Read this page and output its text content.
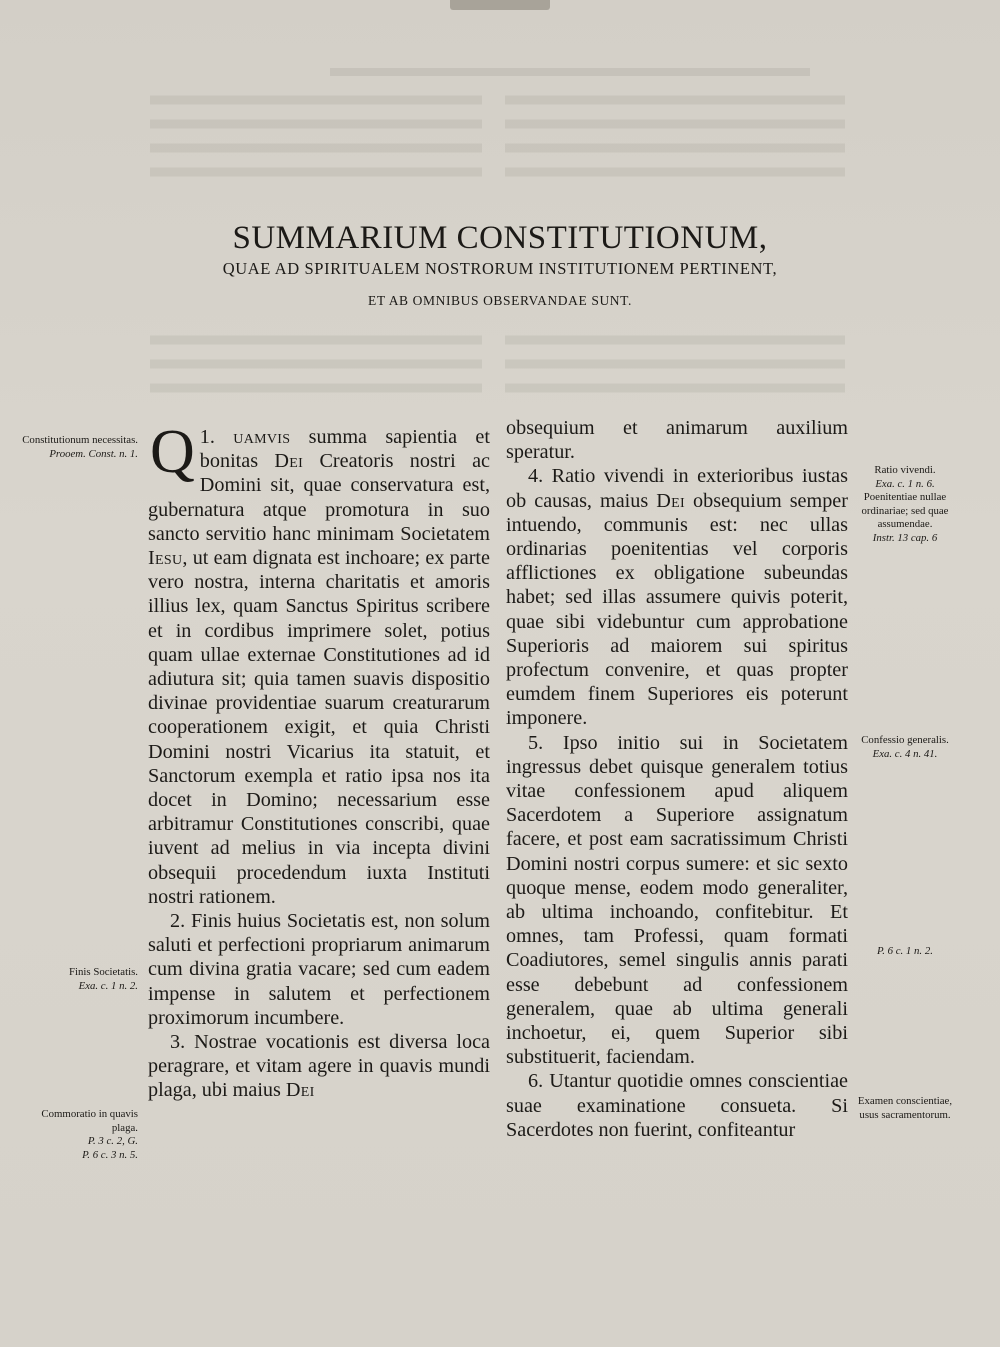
SUMMARIUM CONSTITUTIONUM,
QUAE AD SPIRITUALEM NOSTRORUM INSTITUTIONEM PERTINENT,
ET AB OMNIBUS OBSERVANDAE SUNT.

1.
Q uamvis summa sapientia et bonitas Dei Creatoris nostri ac Domini sit, quae conservatura est, gubernatura atque promotura in suo sancto servitio hanc minimam Societatem Iesu, ut eam dignata est inchoare; ex parte vero nostra, interna charitatis et amoris illius lex, quam Sanctus Spiritus scribere et in cordibus imprimere solet, potius quam ullae externae Constitutiones ad id adiutura sit; quia tamen suavis dispositio divinae providentiae suarum creaturarum cooperationem exigit, et quia Christi Domini nostri Vicarius ita statuit, et Sanctorum exempla et ratio ipsa nos ita docet in Domino; necessarium esse arbitramur Constitutiones conscribi, quae iuvent ad melius in via incepta divini obsequii procedendum iuxta Instituti nostri rationem.

2. Finis huius Societatis est, non solum saluti et perfectioni propriarum animarum cum divina gratia vacare; sed cum eadem impense in salutem et perfectionem proximorum incumbere.

3. Nostrae vocationis est diversa loca peragrare, et vitam agere in quavis mundi plaga, ubi maius Dei

obsequium et animarum auxilium speratur.

4. Ratio vivendi in exterioribus iustas ob causas, maius Dei obsequium semper intuendo, communis est: nec ullas ordinarias poenitentias vel corporis afflictiones ex obligatione subeundas habet; sed illas assumere quivis poterit, quae sibi videbuntur cum approbatione Superioris ad maiorem sui spiritus profectum convenire, et quas propter eumdem finem Superiores eis poterunt imponere.

5. Ipso initio sui in Societatem ingressus debet quisque generalem totius vitae confessionem apud aliquem Sacerdotem a Superiore assignatum facere, et post eam sacratissimum Christi Domini nostri corpus sumere: et sic sexto quoque mense, eodem modo generaliter, ab ultima inchoando, confitebitur. Et omnes, tam Professi, quam formati Coadiutores, semel singulis annis parati esse debebunt ad confessionem generalem, quae ab ultima generali inchoetur, ei, quem Superior sibi substituerit, faciendam.

6. Utantur quotidie omnes conscientiae suae examinatione consueta. Si Sacerdotes non fuerint, confiteantur

Constitutionum necessitas.
Prooem. Const. n. 1.
Finis Societatis.
Exa. c. 1 n. 2.
Commoratio in quavis plaga.
P. 3 c. 2, G.
P. 6 c. 3 n. 5.
Ratio vivendi.
Exa. c. 1 n. 6.
Poenitentiae nullae ordinariae; sed quae assumendae.
Instr. 13 cap. 6
Confessio generalis.
Exa. c. 4 n. 41.
P. 6 c. 1 n. 2.
Examen conscientiae, usus sacramentorum.
